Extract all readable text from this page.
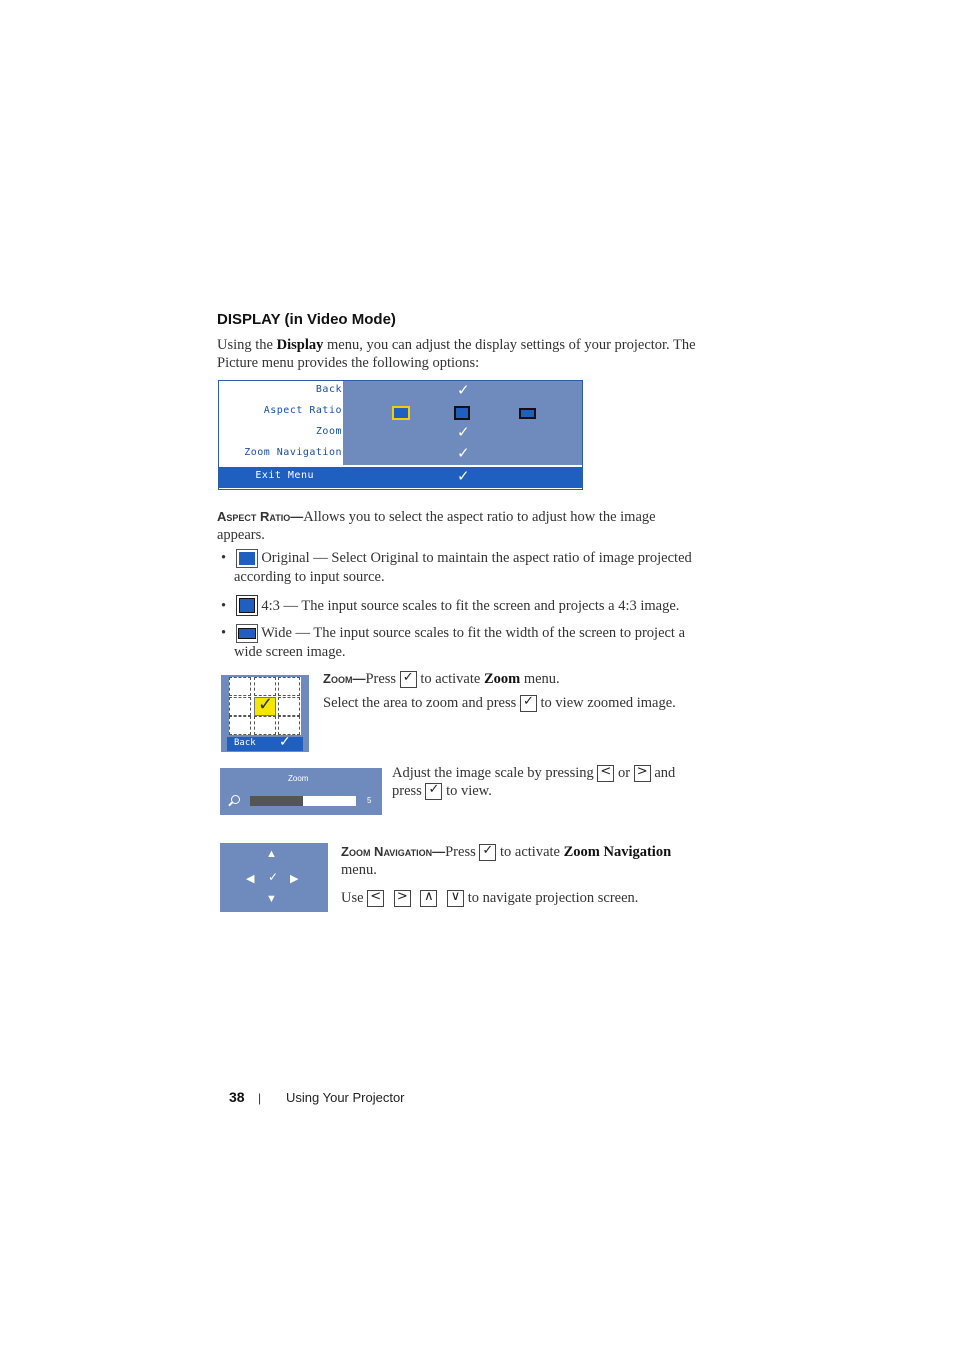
DISPLAY (in Video Mode)
Using the Display menu, you can adjust the display settings of your projector. The
Picture menu provides the following options:
Back	✓
Aspect Ratio
Zoom	✓
Zoom Navigation	✓
Exit Menu	✓
Aspect Ratio—Allows you to select the aspect ratio to adjust how the image
appears.
• Original — Select Original to maintain the aspect ratio of image projected
according to input source.
• 4:3 — The input source scales to fit the screen and projects a 4:3 image.
• Wide — The input source scales to fit the width of the screen to project a
wide screen image.
✓
Back ✓
Zoom—Press ✓ to activate Zoom menu.
Select the area to zoom and press ✓ to view zoomed image.
Zoom
5
Adjust the image scale by pressing < or > and
press ✓ to view.
▲
◀ ✓ ▶
▼
Zoom Navigation—Press ✓ to activate Zoom Navigation
menu.
Use <
>
∧
∨ to navigate projection screen.
38 | Using Your Projector
